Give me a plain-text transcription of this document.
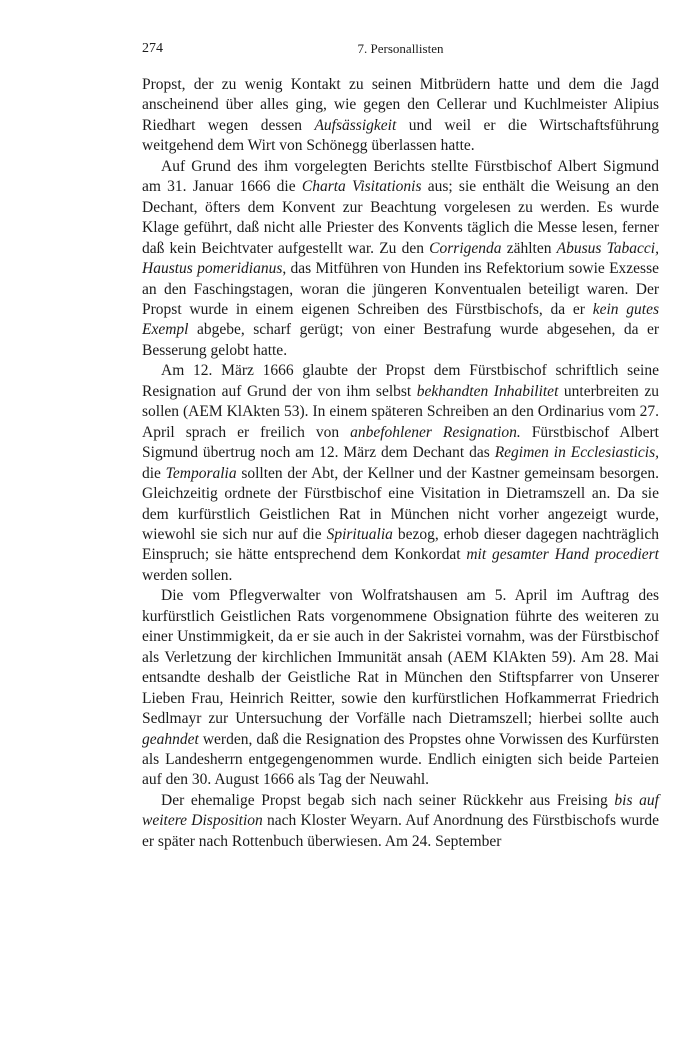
274	7. Personallisten

Propst, der zu wenig Kontakt zu seinen Mitbrüdern hatte und dem die Jagd anscheinend über alles ging, wie gegen den Cellerar und Kuchlmeister Alipius Riedhart wegen dessen Aufsässigkeit und weil er die Wirtschaftsführung weitgehend dem Wirt von Schönegg überlassen hatte.

Auf Grund des ihm vorgelegten Berichts stellte Fürstbischof Albert Sigmund am 31. Januar 1666 die Charta Visitationis aus; sie enthält die Weisung an den Dechant, öfters dem Konvent zur Beachtung vorgelesen zu werden. Es wurde Klage geführt, daß nicht alle Priester des Konvents täglich die Messe lesen, ferner daß kein Beichtvater aufgestellt war. Zu den Corrigenda zählten Abusus Tabacci, Haustus pomeridianus, das Mitführen von Hunden ins Refektorium sowie Exzesse an den Faschingstagen, woran die jüngeren Konventualen beteiligt waren. Der Propst wurde in einem eigenen Schreiben des Fürstbischofs, da er kein gutes Exempl abgebe, scharf gerügt; von einer Bestrafung wurde abgesehen, da er Besserung gelobt hatte.

Am 12. März 1666 glaubte der Propst dem Fürstbischof schriftlich seine Resignation auf Grund der von ihm selbst bekhandten Inhabilitet unterbreiten zu sollen (AEM KlAkten 53). In einem späteren Schreiben an den Ordinarius vom 27. April sprach er freilich von anbefohlener Resignation. Fürstbischof Albert Sigmund übertrug noch am 12. März dem Dechant das Regimen in Ecclesiasticis, die Temporalia sollten der Abt, der Kellner und der Kastner gemeinsam besorgen. Gleichzeitig ordnete der Fürstbischof eine Visitation in Dietramszell an. Da sie dem kurfürstlich Geistlichen Rat in München nicht vorher angezeigt wurde, wiewohl sie sich nur auf die Spiritualia bezog, erhob dieser dagegen nachträglich Einspruch; sie hätte entsprechend dem Konkordat mit gesamter Hand procediert werden sollen.

Die vom Pflegverwalter von Wolfratshausen am 5. April im Auftrag des kurfürstlich Geistlichen Rats vorgenommene Obsignation führte des weiteren zu einer Unstimmigkeit, da er sie auch in der Sakristei vornahm, was der Fürstbischof als Verletzung der kirchlichen Immunität ansah (AEM KlAkten 59). Am 28. Mai entsandte deshalb der Geistliche Rat in München den Stiftspfarrer von Unserer Lieben Frau, Heinrich Reitter, sowie den kurfürstlichen Hofkammerrat Friedrich Sedlmayr zur Untersuchung der Vorfälle nach Dietramszell; hierbei sollte auch geahndet werden, daß die Resignation des Propstes ohne Vorwissen des Kurfürsten als Landesherrn entgegengenommen wurde. Endlich einigten sich beide Parteien auf den 30. August 1666 als Tag der Neuwahl.

Der ehemalige Propst begab sich nach seiner Rückkehr aus Freising bis auf weitere Disposition nach Kloster Weyarn. Auf Anordnung des Fürstbischofs wurde er später nach Rottenbuch überwiesen. Am 24. September
